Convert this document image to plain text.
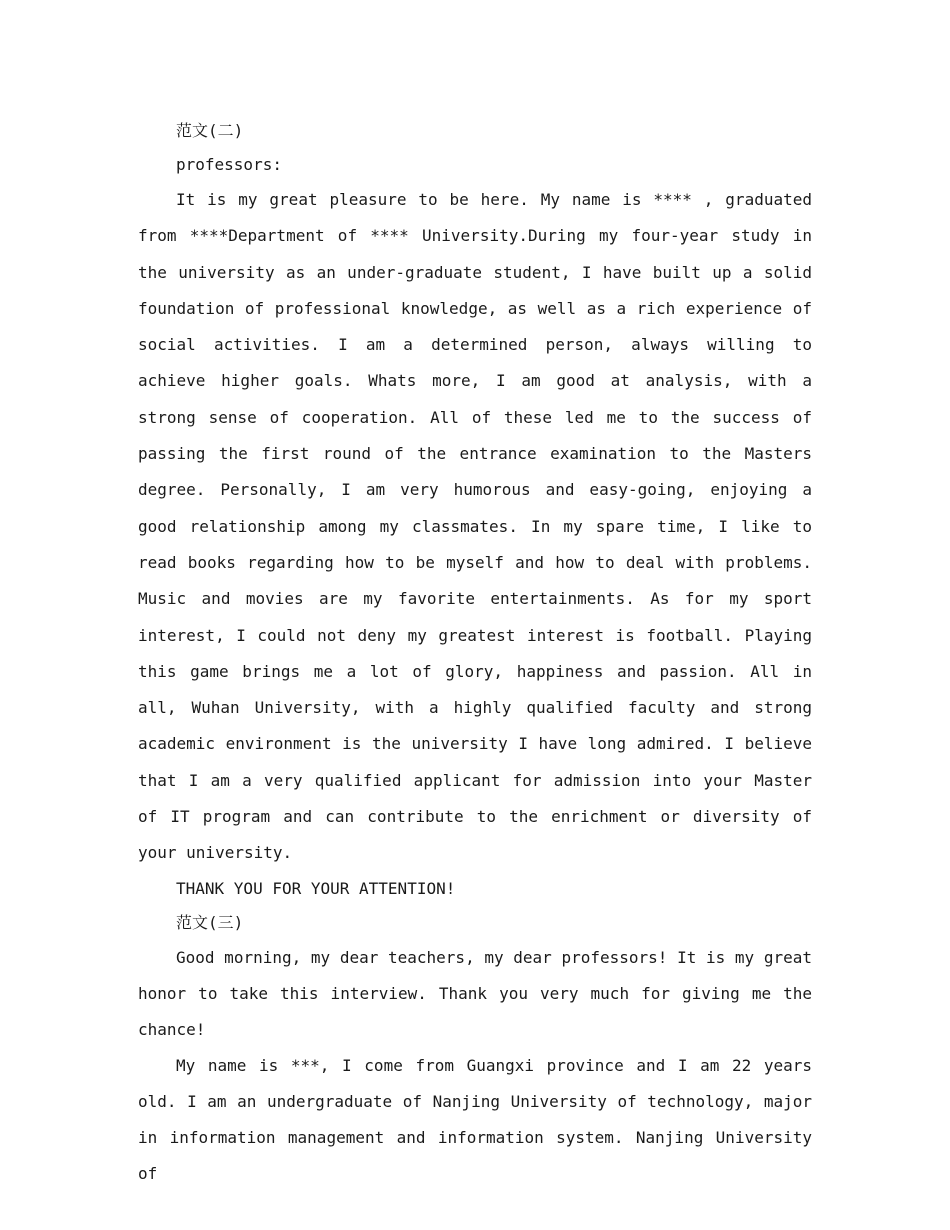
范文(二)
professors:

It is my great pleasure to be here. My name is **** , graduated from ****Department of **** University.During my four-year study in the university as an under-graduate student, I have built up a solid foundation of professional knowledge, as well as a rich experience of social activities. I am a determined person, always willing to achieve higher goals. Whats more, I am good at analysis, with a strong sense of cooperation. All of these led me to the success of passing the first round of the entrance examination to the Masters degree. Personally, I am very humorous and easy-going, enjoying a good relationship among my classmates. In my spare time, I like to read books regarding how to be myself and how to deal with problems. Music and movies are my favorite entertainments. As for my sport interest, I could not deny my greatest interest is football. Playing this game brings me a lot of glory, happiness and passion. All in all, Wuhan University, with a highly qualified faculty and strong academic environment is the university I have long admired. I believe that I am a very qualified applicant for admission into your Master of IT program and can contribute to the enrichment or diversity of your university.

THANK YOU FOR YOUR ATTENTION!
范文(三)

Good morning, my dear teachers, my dear professors! It is my great honor to take this interview. Thank you very much for giving me the chance!

My name is ***, I come from Guangxi province and I am 22 years old. I am an undergraduate of Nanjing University of technology, major in information management and information system. Nanjing University of
